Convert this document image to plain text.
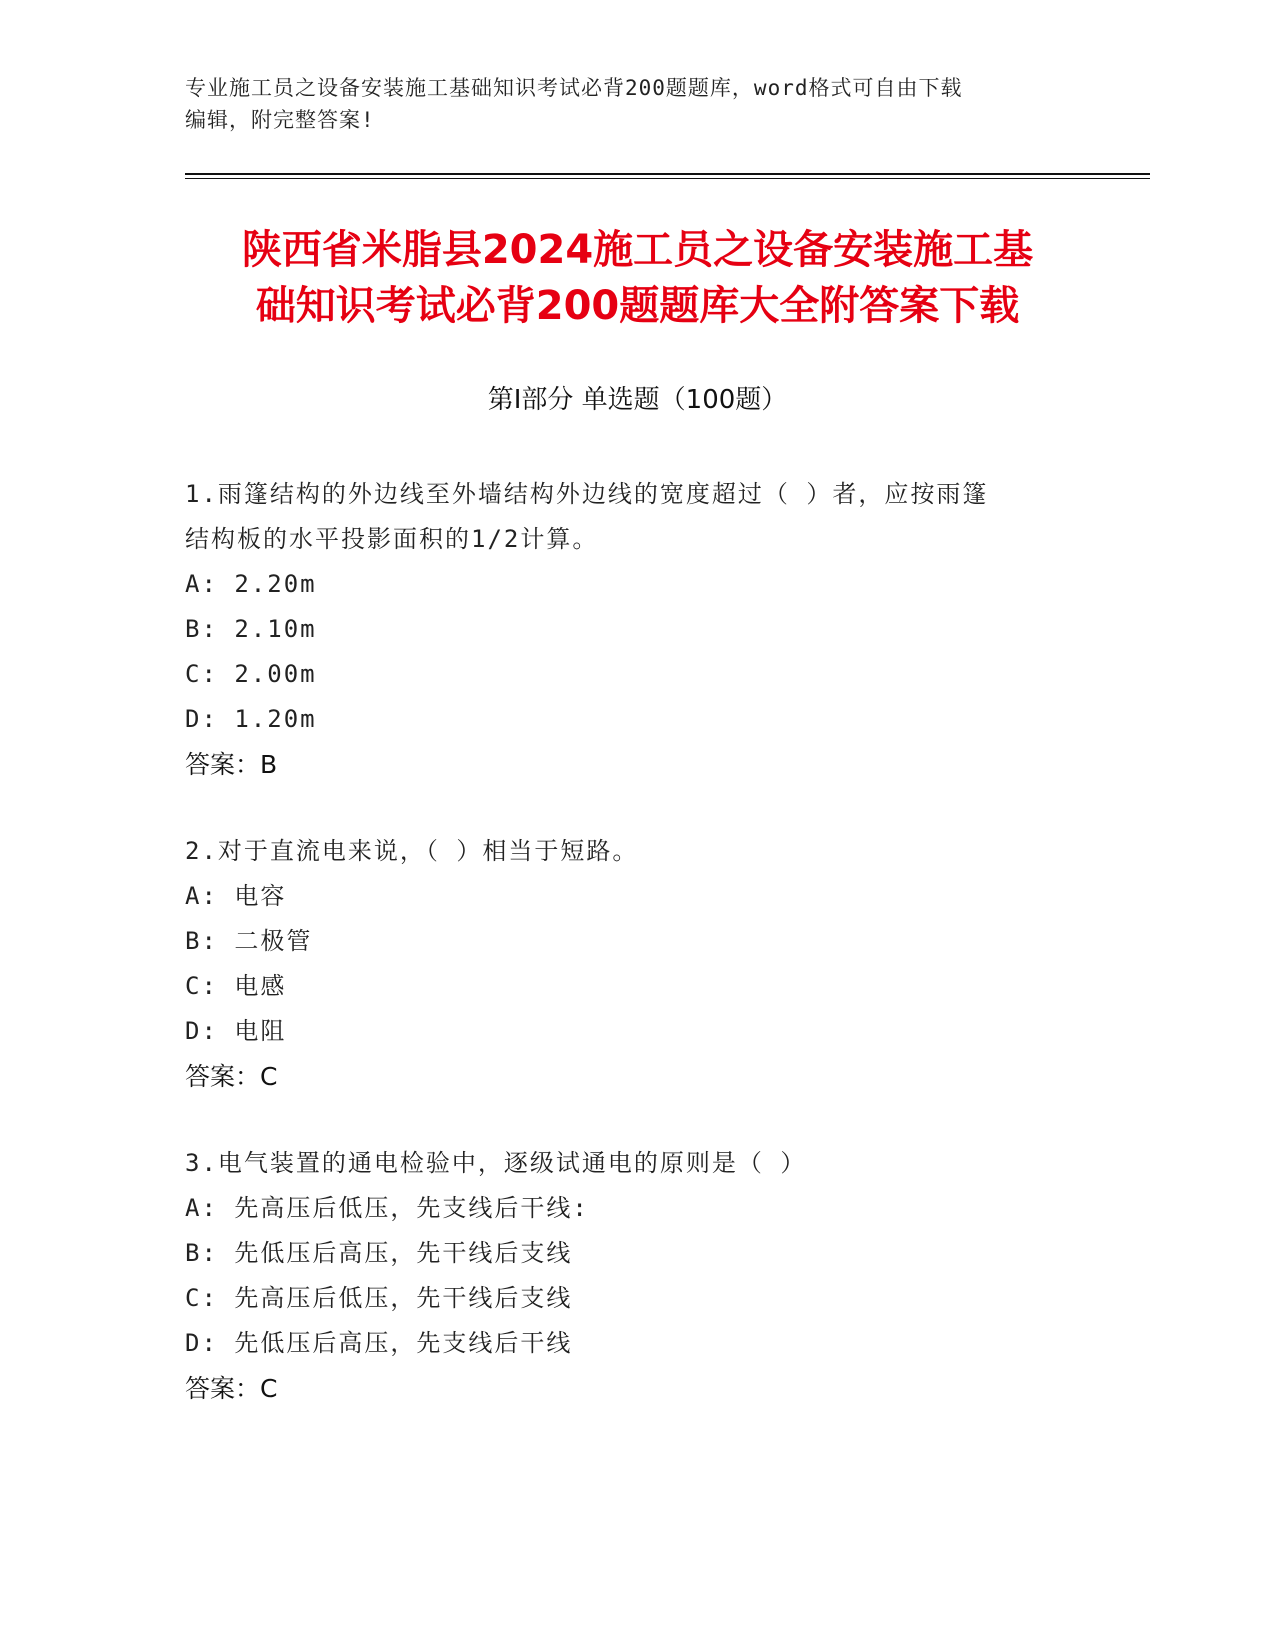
专业施工员之设备安装施工基础知识考试必背200题题库，word格式可自由下载
编辑，附完整答案!
陕西省米脂县2024施工员之设备安装施工基
础知识考试必背200题题库大全附答案下载
第Ⅰ部分 单选题（100题）
1.雨篷结构的外边线至外墙结构外边线的宽度超过（ ）者，应按雨篷
结构板的水平投影面积的1/2计算。
A: 2.20m
B: 2.10m
C: 2.00m
D: 1.20m
答案：B
2.对于直流电来说，（ ）相当于短路。
A: 电容
B: 二极管
C: 电感
D: 电阻
答案：C
3.电气装置的通电检验中，逐级试通电的原则是（ ）
A: 先高压后低压，先支线后干线:
B: 先低压后高压，先干线后支线
C: 先高压后低压，先干线后支线
D: 先低压后高压，先支线后干线
答案：C
